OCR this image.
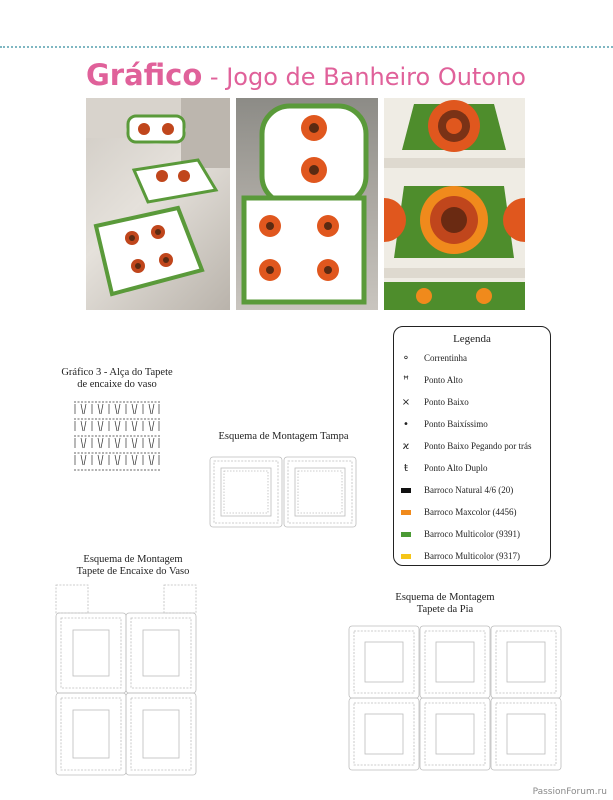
Gráfico - Jogo de Banheiro Outono
Legenda
⚬	Correntinha
ꟸ	Ponto Alto
×	Ponto Baixo
•	Ponto Baixíssimo
ϰ	Ponto Baixo Pegando por trás
ŧ	Ponto Alto Duplo
Barroco Natural 4/6 (20)
Barroco Maxcolor (4456)
Barroco Multicolor (9391)
Barroco Multicolor (9317)
Gráfico 3 - Alça do Tapete
de encaixe do vaso
Esquema de Montagem Tampa
Esquema de Montagem
Tapete de Encaixe do Vaso
Esquema de Montagem
Tapete da Pia
PassionForum.ru
